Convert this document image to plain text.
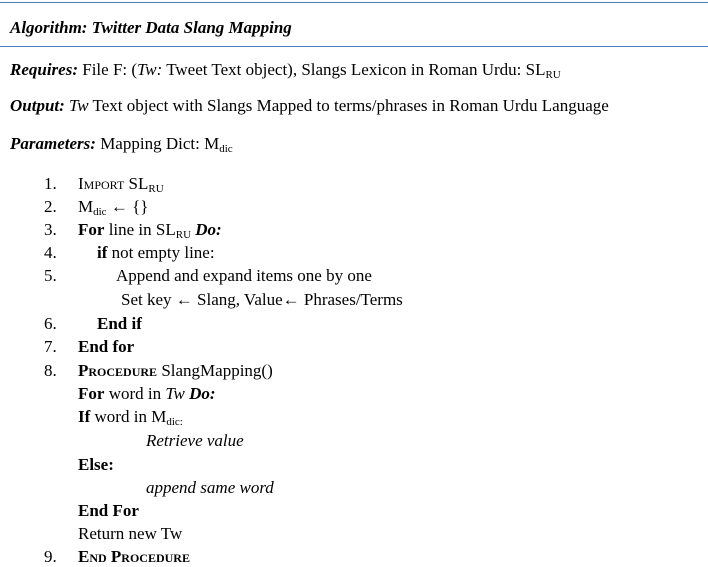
Algorithm: Twitter Data Slang Mapping
Requires: File F: (Tw: Tweet Text object), Slangs Lexicon in Roman Urdu: $SL_{RU}$
Output: Tw Text object with Slangs Mapped to terms/phrases in Roman Urdu Language
Parameters: Mapping Dict: $M_{dic}$
1. Import $SL_{RU}$
2. $M_{dic}$ ← {}
3. For line in $SL_{RU}$ Do:
4. if not empty line:
5.	Append and expand items one by one
Set key ← Slang, Value← Phrases/Terms
6. End if
7. End for
8. Procedure SlangMapping()
For word in Tw Do:
If word in $M_{dic:}$
Retrieve value
Else:
append same word
End For
Return new Tw
9. End Procedure
